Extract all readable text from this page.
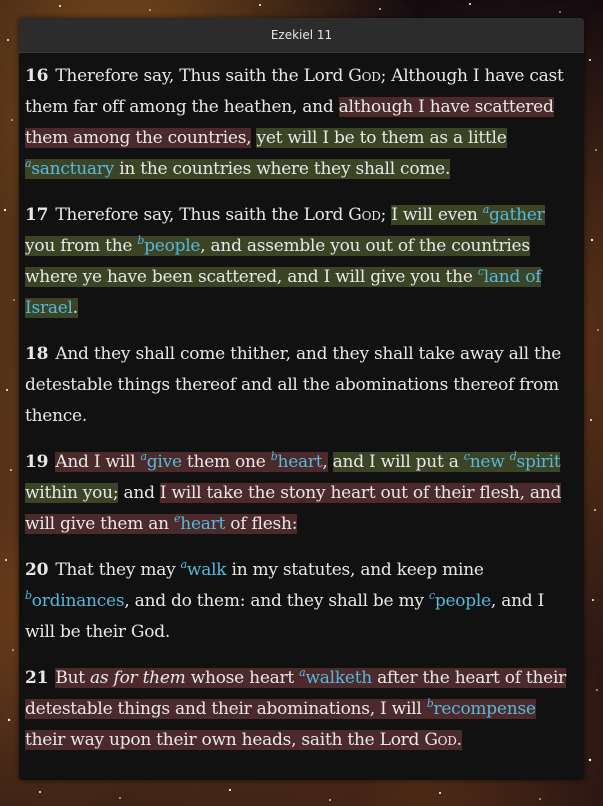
Ezekiel 11

16 Therefore say, Thus saith the Lord God; Although I have cast them far off among the heathen, and although I have scattered them among the countries, yet will I be to them as a little $^a$sanctuary in the countries where they shall come.

17 Therefore say, Thus saith the Lord God; I will even $^a$gather you from the $^b$people, and assemble you out of the countries where ye have been scattered, and I will give you the $^c$land of Israel.

18 And they shall come thither, and they shall take away all the detestable things thereof and all the abominations thereof from thence.

19 And I will $^a$give them one $^b$heart, and I will put a $^c$new $^d$spirit within you; and I will take the stony heart out of their flesh, and will give them an $^e$heart of flesh:

20 That they may $^a$walk in my statutes, and keep mine $^b$ordinances, and do them: and they shall be my $^c$people, and I will be their God.

21 But as for them whose heart $^a$walketh after the heart of their detestable things and their abominations, I will $^b$recompense their way upon their own heads, saith the Lord God.
